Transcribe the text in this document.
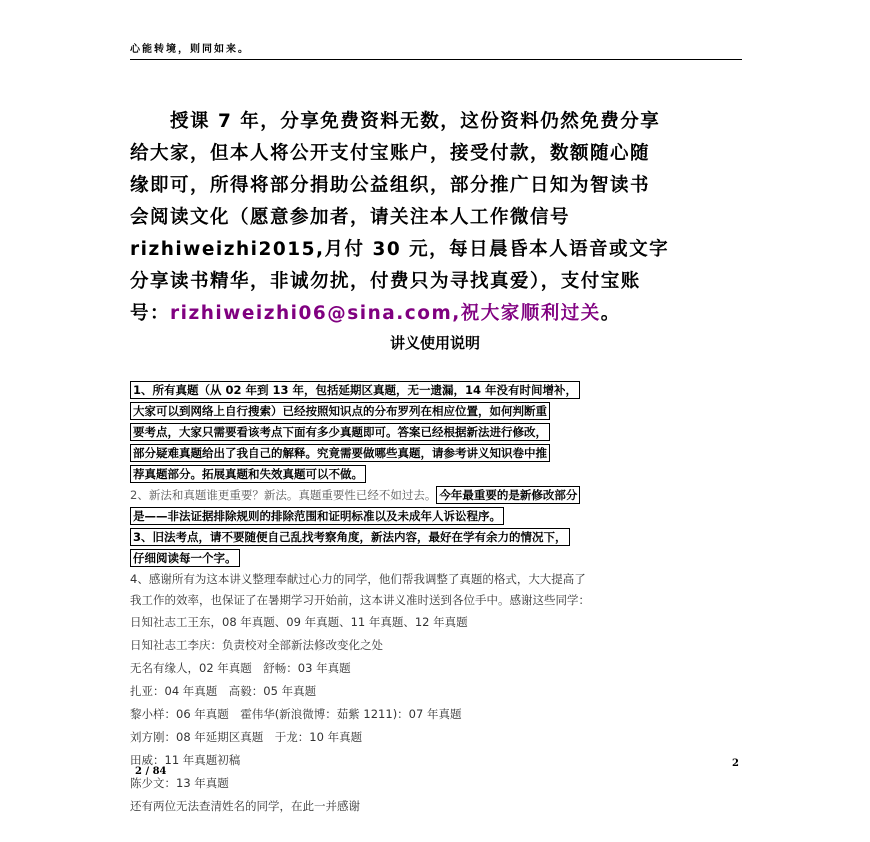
心能转境，则同如来。
　　授课 7 年，分享免费资料无数，这份资料仍然免费分享
给大家，但本人将公开支付宝账户，接受付款，数额随心随
缘即可，所得将部分捐助公益组织，部分推广日知为智读书
会阅读文化（愿意参加者，请关注本人工作微信号
rizhiweizhi2015,月付 30 元，每日晨昏本人语音或文字
分享读书精华，非诚勿扰，付费只为寻找真爱），支付宝账
号：rizhiweizhi06@sina.com,祝大家顺利过关。
讲义使用说明
1、所有真题（从 02 年到 13 年，包括延期区真题，无一遗漏，14 年没有时间增补，
大家可以到网络上自行搜索）已经按照知识点的分布罗列在相应位置，如何判断重
要考点，大家只需要看该考点下面有多少真题即可。答案已经根据新法进行修改，
部分疑难真题给出了我自己的解释。究竟需要做哪些真题，请参考讲义知识卷中推
荐真题部分。拓展真题和失效真题可以不做。
2、新法和真题谁更重要？新法。真题重要性已经不如过去。 今年最重要的是新修改部分
是——非法证据排除规则的排除范围和证明标准以及未成年人诉讼程序。
3、旧法考点，请不要随便自己乱找考察角度，新法内容，最好在学有余力的情况下，
仔细阅读每一个字。
4、感谢所有为这本讲义整理奉献过心力的同学，他们帮我调整了真题的格式，大大提高了
我工作的效率，也保证了在暑期学习开始前，这本讲义准时送到各位手中。感谢这些同学：
日知社志工王东，08 年真题、09 年真题、11 年真题、12 年真题
日知社志工李庆：负责校对全部新法修改变化之处
无名有缘人，02 年真题　舒畅：03 年真题
扎亚：04 年真题　高毅：05 年真题
黎小样：06 年真题　霍伟华(新浪微博：茹紫 1211)：07 年真题
刘方刚：08 年延期区真题　于龙：10 年真题
田威：11 年真题初稿
陈少文：13 年真题
还有两位无法查清姓名的同学，在此一并感谢
2
2 / 84
